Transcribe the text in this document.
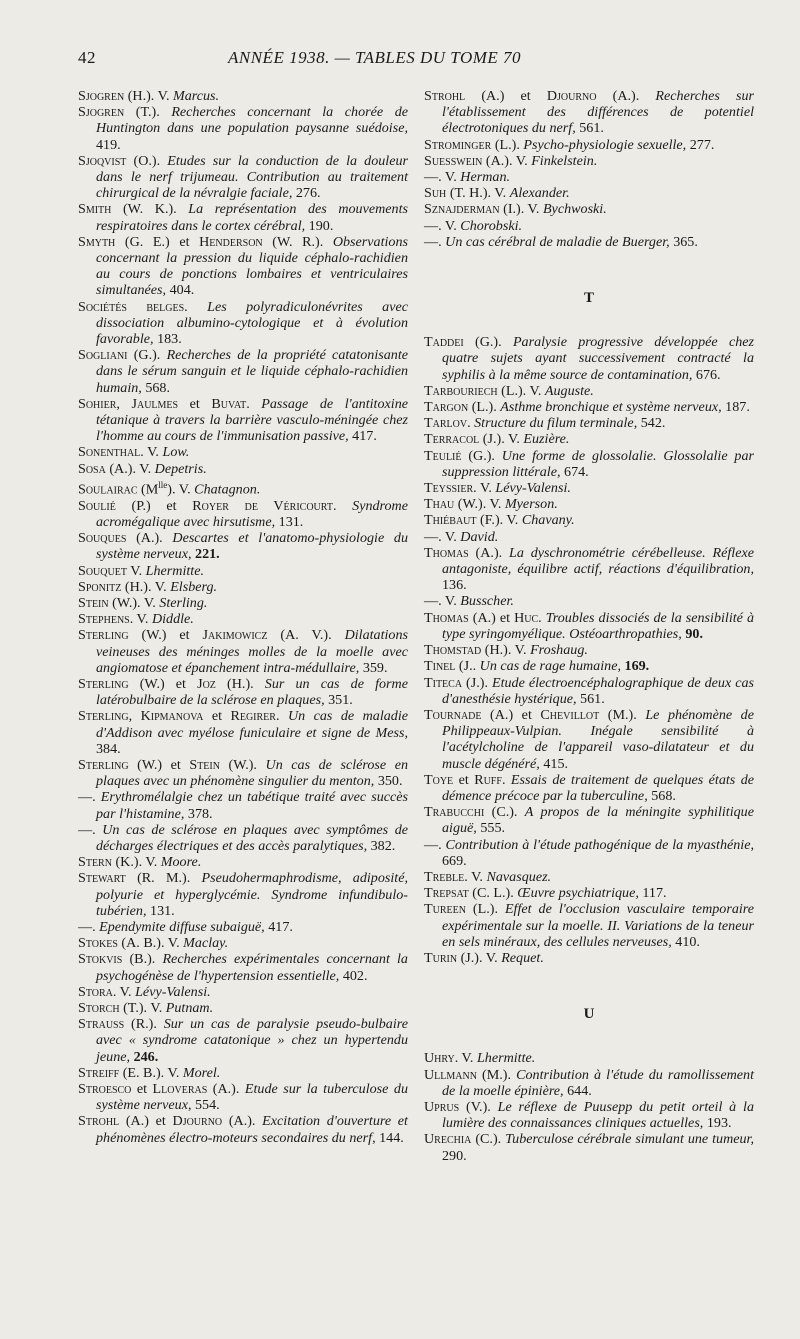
42	ANNÉE 1938. — TABLES DU TOME 70

Sjogren (H.). V. Marcus.

Sjogren (T.). Recherches concernant la chorée de Huntington dans une population paysanne suédoise, 419.

Sjoqvist (O.). Etudes sur la conduction de la douleur dans le nerf trijumeau. Contribution au traitement chirurgical de la névralgie faciale, 276.

Smith (W. K.). La représentation des mouvements respiratoires dans le cortex cérébral, 190.

Smyth (G. E.) et Henderson (W. R.). Observations concernant la pression du liquide céphalo-rachidien au cours de ponctions lombaires et ventriculaires simultanées, 404.

Sociétés belges. Les polyradiculonévrites avec dissociation albumino-cytologique et à évolution favorable, 183.

Sogliani (G.). Recherches de la propriété catatonisante dans le sérum sanguin et le liquide céphalo-rachidien humain, 568.

Sohier, Jaulmes et Buvat. Passage de l'antitoxine tétanique à travers la barrière vasculo-méningée chez l'homme au cours de l'immunisation passive, 417.

Sonenthal. V. Low.

Sosa (A.). V. Depetris.

Soulairac $(M^{lle})$. V. Chatagnon.

Soulié (P.) et Royer de Véricourt. Syndrome acromégalique avec hirsutisme, 131.

Souques (A.). Descartes et l'anatomo-physiologie du système nerveux, 221.

Souquet V. Lhermitte.

Sponitz (H.). V. Elsberg.

Stein (W.). V. Sterling.

Stephens. V. Diddle.

Sterling (W.) et Jakimowicz (A. V.). Dilatations veineuses des méninges molles de la moelle avec angiomatose et épanchement intra-médullaire, 359.

Sterling (W.) et Joz (H.). Sur un cas de forme latérobulbaire de la sclérose en plaques, 351.

Sterling, Kipmanova et Regirer. Un cas de maladie d'Addison avec myélose funiculaire et signe de Mess, 384.

Sterling (W.) et Stein (W.). Un cas de sclérose en plaques avec un phénomène singulier du menton, 350.

—. Erythromélalgie chez un tabétique traité avec succès par l'histamine, 378.

—. Un cas de sclérose en plaques avec symptômes de décharges électriques et des accès paralytiques, 382.

Stern (K.). V. Moore.

Stewart (R. M.). Pseudohermaphrodisme, adiposité, polyurie et hyperglycémie. Syndrome infundibulo-tubérien, 131.

—. Ependymite diffuse subaiguë, 417.

Stokes (A. B.). V. Maclay.

Stokvis (B.). Recherches expérimentales concernant la psychogénèse de l'hypertension essentielle, 402.

Stora. V. Lévy-Valensi.

Storch (T.). V. Putnam.

Strauss (R.). Sur un cas de paralysie pseudo-bulbaire avec « syndrome catatonique » chez un hypertendu jeune, 246.

Streiff (E. B.). V. Morel.

Stroesco et Lloveras (A.). Etude sur la tuberculose du système nerveux, 554.

Strohl (A.) et Djourno (A.). Excitation d'ouverture et phénomènes électro-moteurs secondaires du nerf, 144.

Strohl (A.) et Djourno (A.). Recherches sur l'établissement des différences de potentiel électrotoniques du nerf, 561.

Strominger (L.). Psycho-physiologie sexuelle, 277.

Suesswein (A.). V. Finkelstein.

—. V. Herman.

Suh (T. H.). V. Alexander.

Sznajderman (I.). V. Bychwoski.

—. V. Chorobski.

—. Un cas cérébral de maladie de Buerger, 365.

T

Taddei (G.). Paralysie progressive développée chez quatre sujets ayant successivement contracté la syphilis à la même source de contamination, 676.

Tarbouriech (L.). V. Auguste.

Targon (L.). Asthme bronchique et système nerveux, 187.

Tarlov. Structure du filum terminale, 542.

Terracol (J.). V. Euzière.

Teulié (G.). Une forme de glossolalie. Glossolalie par suppression littérale, 674.

Teyssier. V. Lévy-Valensi.

Thau (W.). V. Myerson.

Thiébaut (F.). V. Chavany.

—. V. David.

Thomas (A.). La dyschronométrie cérébelleuse. Réflexe antagoniste, équilibre actif, réactions d'équilibration, 136.

—. V. Busscher.

Thomas (A.) et Huc. Troubles dissociés de la sensibilité à type syringomyélique. Ostéoarthropathies, 90.

Thomstad (H.). V. Froshaug.

Tinel (J.. Un cas de rage humaine, 169.

Titeca (J.). Etude électroencéphalographique de deux cas d'anesthésie hystérique, 561.

Tournade (A.) et Chevillot (M.). Le phénomène de Philippeaux-Vulpian. Inégale sensibilité à l'acétylcholine de l'appareil vaso-dilatateur et du muscle dégénéré, 415.

Toye et Ruff. Essais de traitement de quelques états de démence précoce par la tuberculine, 568.

Trabucchi (C.). A propos de la méningite syphilitique aiguë, 555.

—. Contribution à l'étude pathogénique de la myasthénie, 669.

Treble. V. Navasquez.

Trepsat (C. L.). Œuvre psychiatrique, 117.

Tureen (L.). Effet de l'occlusion vasculaire temporaire expérimentale sur la moelle. II. Variations de la teneur en sels minéraux, des cellules nerveuses, 410.

Turin (J.). V. Requet.

U

Uhry. V. Lhermitte.

Ullmann (M.). Contribution à l'étude du ramollissement de la moelle épinière, 644.

Uprus (V.). Le réflexe de Puusepp du petit orteil à la lumière des connaissances cliniques actuelles, 193.

Urechia (C.). Tuberculose cérébrale simulant une tumeur, 290.
